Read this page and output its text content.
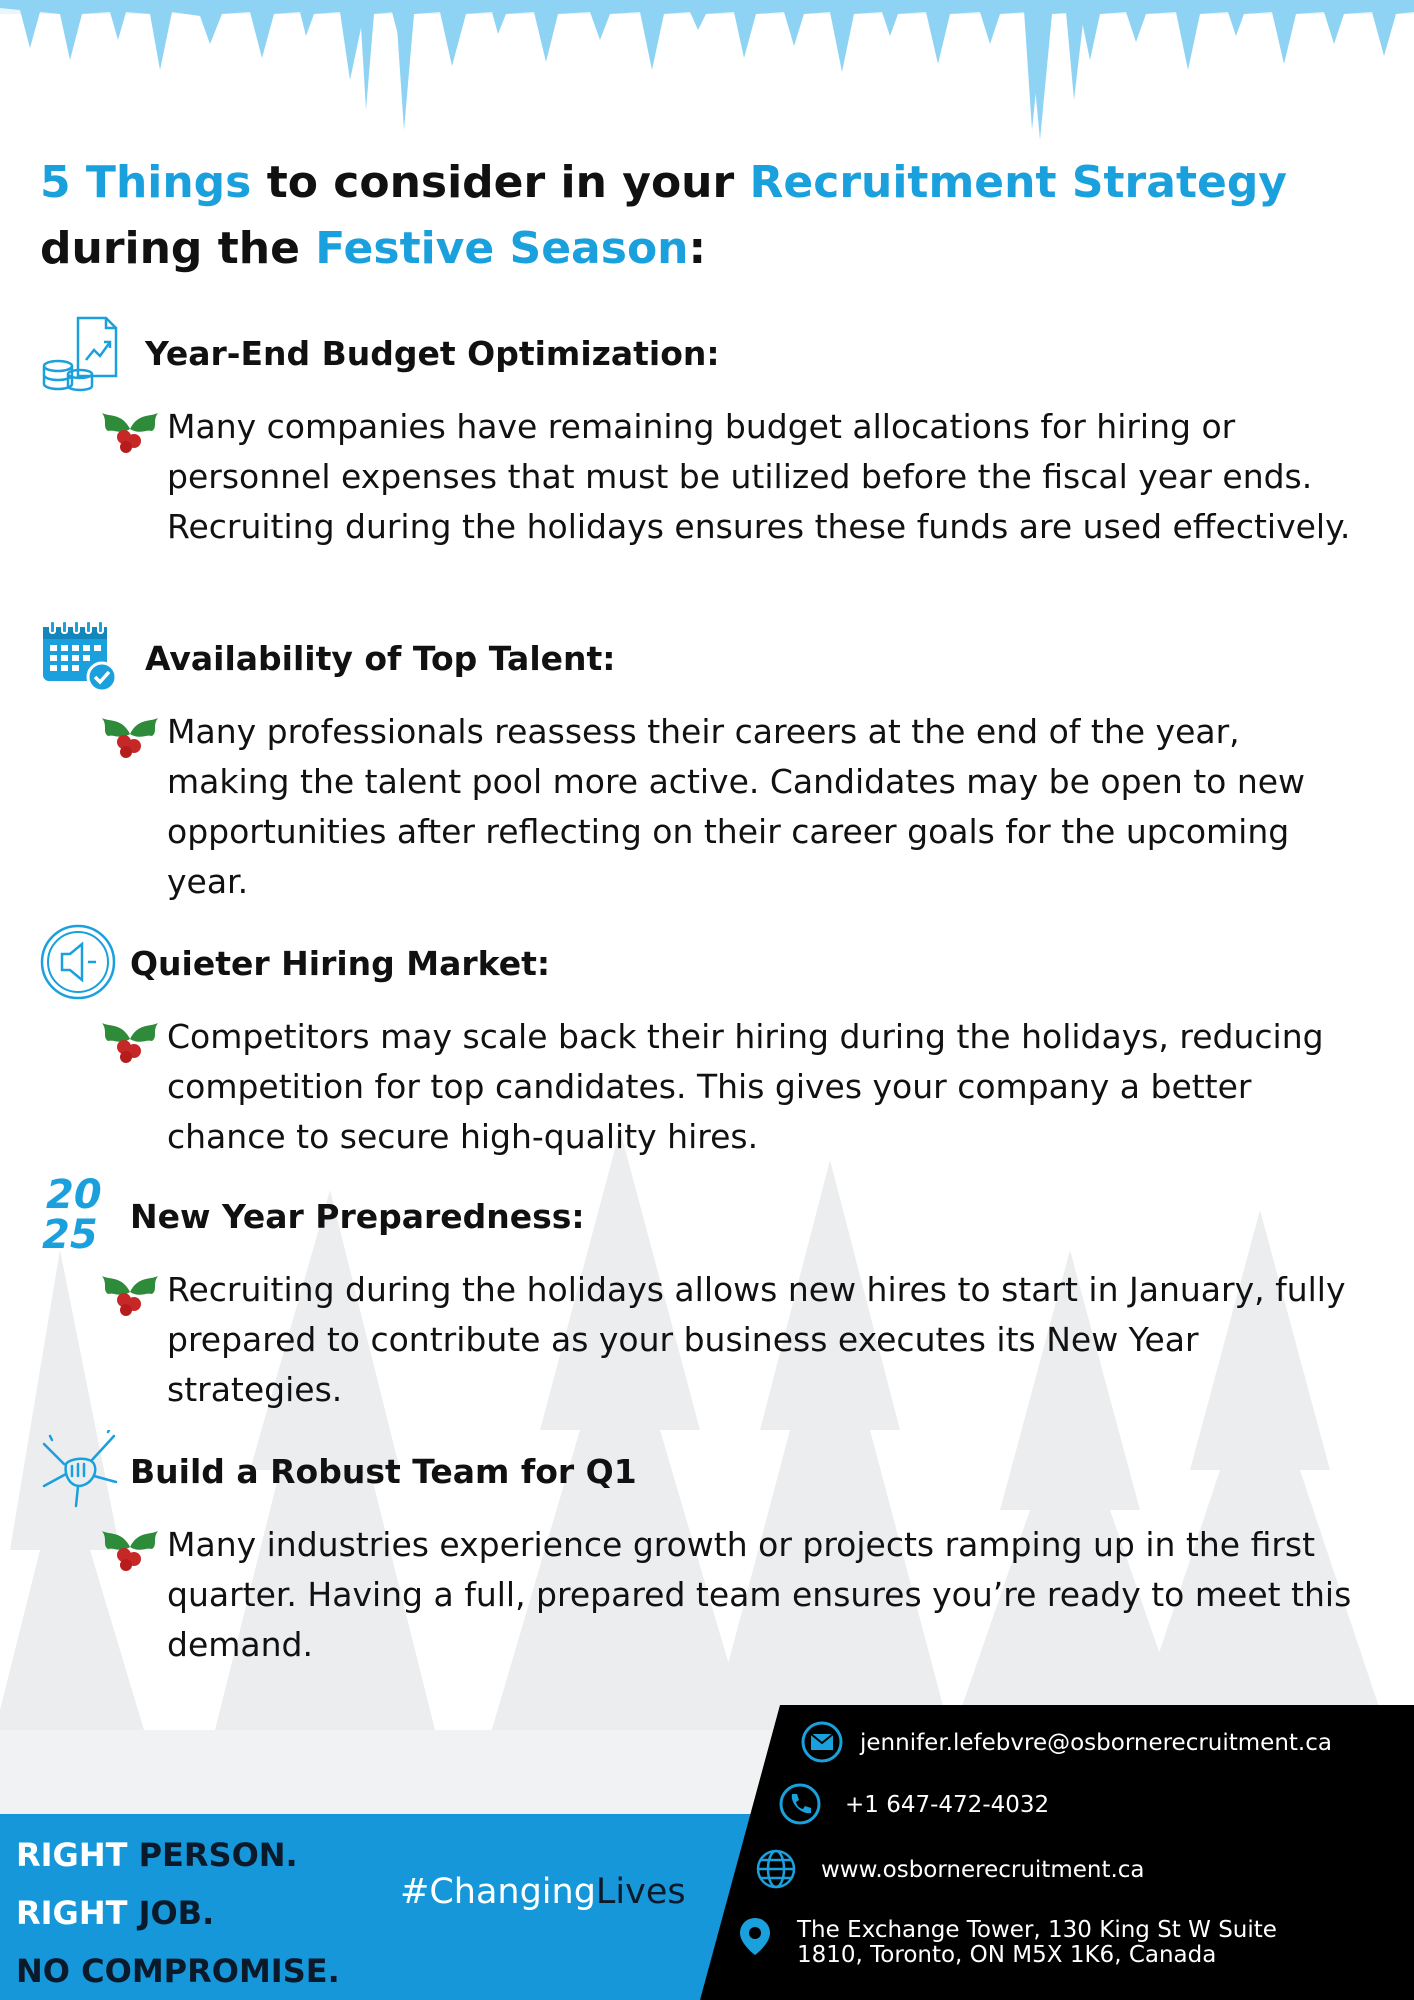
5 Things to consider in your Recruitment Strategy
during the Festive Season:
Year-End Budget Optimization:
Many companies have remaining budget allocations for hiring or personnel expenses that must be utilized before the fiscal year ends. Recruiting during the holidays ensures these funds are used effectively.
Availability of Top Talent:
Many professionals reassess their careers at the end of the year, making the talent pool more active. Candidates may be open to new opportunities after reflecting on their career goals for the upcoming year.
Quieter Hiring Market:
Competitors may scale back their hiring during the holidays, reducing competition for top candidates. This gives your company a better chance to secure high-quality hires.
20
25 New Year Preparedness:
Recruiting during the holidays allows new hires to start in January, fully prepared to contribute as your business executes its New Year strategies.
Build a Robust Team for Q1
Many industries experience growth or projects ramping up in the first quarter. Having a full, prepared team ensures you’re ready to meet this demand.
RIGHT PERSON.
RIGHT JOB.
NO COMPROMISE.
#ChangingLives
jennifer.lefebvre@osbornerecruitment.ca
+1 647-472-4032
www.osbornerecruitment.ca
The Exchange Tower, 130 King St W Suite
1810, Toronto, ON M5X 1K6, Canada
